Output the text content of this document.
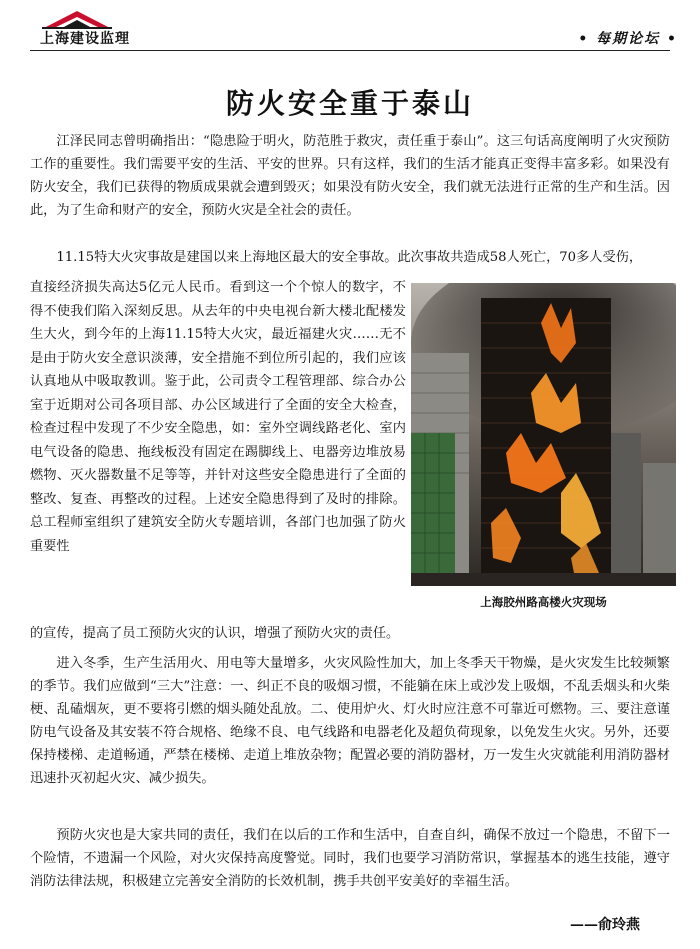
上海建设监理	• 每期论坛 •
防火安全重于泰山

江泽民同志曾明确指出：“隐患险于明火，防范胜于救灾，责任重于泰山”。这三句话高度阐明了火灾预防工作的重要性。我们需要平安的生活、平安的世界。只有这样，我们的生活才能真正变得丰富多彩。如果没有防火安全，我们已获得的物质成果就会遭到毁灭；如果没有防火安全，我们就无法进行正常的生产和生活。因此，为了生命和财产的安全，预防火灾是全社会的责任。

11.15特大火灾事故是建国以来上海地区最大的安全事故。此次事故共造成58人死亡，70多人受伤，

直接经济损失高达5亿元人民币。看到这一个个惊人的数字，不得不使我们陷入深刻反思。从去年的中央电视台新大楼北配楼发生大火，到今年的上海11.15特大火灾，最近福建火灾……无不是由于防火安全意识淡薄，安全措施不到位所引起的，我们应该认真地从中吸取教训。鉴于此，公司责令工程管理部、综合办公室于近期对公司各项目部、办公区域进行了全面的安全大检查，检查过程中发现了不少安全隐患，如：室外空调线路老化、室内电气设备的隐患、拖线板没有固定在踢脚线上、电器旁边堆放易燃物、灭火器数量不足等等，并针对这些安全隐患进行了全面的整改、复查、再整改的过程。上述安全隐患得到了及时的排除。总工程师室组织了建筑安全防火专题培训，各部门也加强了防火重要性

的宣传，提高了员工预防火灾的认识，增强了预防火灾的责任。

进入冬季，生产生活用火、用电等大量增多，火灾风险性加大，加上冬季天干物燥，是火灾发生比较频繁的季节。我们应做到“三大”注意：一、纠正不良的吸烟习惯，不能躺在床上或沙发上吸烟，不乱丢烟头和火柴梗、乱磕烟灰，更不要将引燃的烟头随处乱放。二、使用炉火、灯火时应注意不可靠近可燃物。三、要注意谨防电气设备及其安装不符合规格、绝缘不良、电气线路和电器老化及超负荷现象，以免发生火灾。另外，还要保持楼梯、走道畅通，严禁在楼梯、走道上堆放杂物；配置必要的消防器材，万一发生火灾就能利用消防器材迅速扑灭初起火灾、减少损失。

预防火灾也是大家共同的责任，我们在以后的工作和生活中，自查自纠，确保不放过一个隐患，不留下一个险情，不遗漏一个风险，对火灾保持高度警觉。同时，我们也要学习消防常识，掌握基本的逃生技能，遵守消防法律法规，积极建立完善安全消防的长效机制，携手共创平安美好的幸福生活。

——俞玲燕
上海胶州路高楼火灾现场
